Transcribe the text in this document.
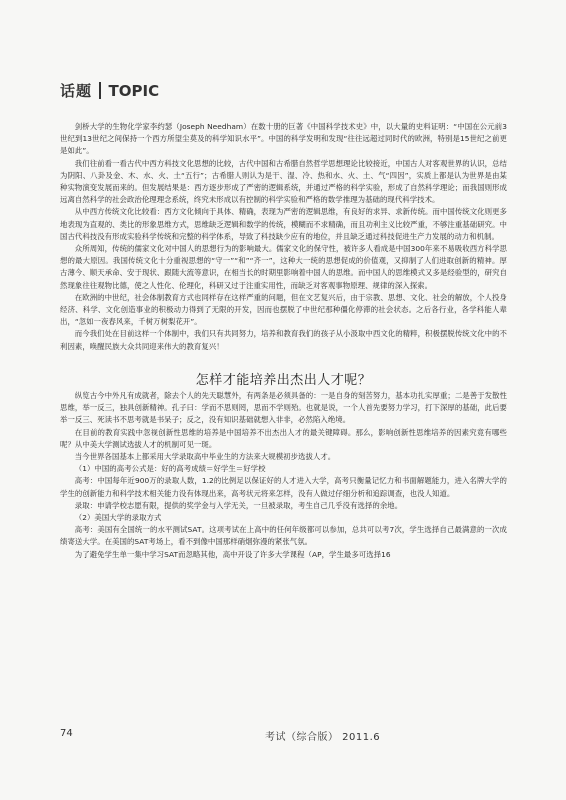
话题 TOPIC

剑桥大学的生物化学家李约瑟（Joseph Needham）在数十册的巨著《中国科学技术史》中，以大量的史料证明：“中国在公元前3世纪到13世纪之间保持一个西方所望尘莫及的科学知识水平”。中国的科学发明和发现“往往远超过同时代的欧洲，特别是15世纪之前更是如此”。

我们往前看一看古代中西方科技文化思想的比较，古代中国和古希腊自然哲学思想理论比较接近，中国古人对客观世界的认识，总结为阴阳、八卦及金、木、水、火、土“五行”；古希腊人则认为是干、湿、冷、热和水、火、土、气“四因”，实质上都是认为世界是由某种实物演变发展而来的。但发展结果是：西方逐步形成了严密的逻辑系统，并通过严格的科学实验，形成了自然科学理论；而我国则形成远离自然科学的社会政治伦理理念系统，终究未形成以有控制的科学实验和严格的数学推理为基础的现代科学技术。

从中西方传统文化比较看：西方文化倾向于具体、精确，表现为严密的逻辑思维，有良好的求异、求新传统。而中国传统文化则更多地表现为直观的、类比的形象思维方式，思维缺乏逻辑和数学的传统，模糊而不求精确，而且功利主义比较严重，不够注重基础研究。中国古代科技没有形成实验科学传统和完整的科学体系，导致了科技缺少应有的地位，并且缺乏通过科技促进生产力发展的动力和机制。

众所周知，传统的儒家文化对中国人的思想行为的影响最大。儒家文化的保守性，被许多人看成是中国300年来不易吸收西方科学思想的最大原因。我国传统文化十分重视思想的“守一”“和”“齐一”，这种大一统的思想促成的价值观，又抑制了人们进取创新的精神。厚古薄今、顺天承命、安于现状、跟随大流等意识，在相当长的时期里影响着中国人的思维。而中国人的思维模式又多是经验型的，研究自然现象往往观物比德，使之人性化、伦理化，科研又过于注重实用性，而缺乏对客观事物原理、规律的深入探索。

在欧洲的中世纪，社会体制教育方式也同样存在这样严重的问题，但在文艺复兴后，由于宗教、思想、文化、社会的解放，个人投身经济、科学、文化创造事业的积极动力得到了无限的开发，因而也摆脱了中世纪那种僵化停滞的社会状态。之后各行业，各学科能人辈出，“忽如一夜春风来，千树万树梨花开”。

而今我们处在目前这样一个体制中，我们只有共同努力，培养和教育我们的孩子从小汲取中西文化的精粹，积极摆脱传统文化中的不利因素，唤醒民族大众共同迎来伟大的教育复兴！

怎样才能培养出杰出人才呢？

纵览古今中外凡有成就者，除去个人的先天聪慧外，有两条是必须具备的：一是自身的刻苦努力，基本功扎实厚重；二是善于发散性思维，举一反三，独具创新精神。孔子曰：学而不思则罔，思而不学则殆。也就是说，一个人首先要努力学习，打下深厚的基础，此后要举一反三、死读书不思考就是书呆子；反之，没有知识基础就想入非非，必然陷入绝境。

在目前的教育实践中忽视创新性思维的培养是中国培养不出杰出人才的最关键障碍。那么，影响创新性思维培养的因素究竟有哪些呢？从中美大学测试选拔人才的机制可见一斑。

当今世界各国基本上都采用大学录取高中毕业生的方法来大规模初步选拔人才。

（1）中国的高考公式是：好的高考成绩＝好学生＝好学校

高考：中国每年近900万的录取人数，1.2的比例足以保证好的人才进入大学，高考只衡量记忆力和书面解题能力，进入名牌大学的学生的创新能力和科学技术相关能力没有体现出来，高考状元将来怎样，没有人做过仔细分析和追踪调查，也没人知道。

录取：申请学校志愿有限，提供的奖学金与入学无关，一旦被录取，考生自己几乎没有选择的余地。

（2）美国大学的录取方式

高考：美国有全国统一的水平测试SAT。这项考试在上高中的任何年级都可以参加，总共可以考7次，学生选择自己最满意的一次成绩寄送大学。在美国的SAT考场上，看不到像中国那样硝烟弥漫的紧张气氛。

为了避免学生单一集中学习SAT而忽略其他，高中开设了许多大学课程（AP，学生最多可选择16

74	考试（综合版） 2011.6
